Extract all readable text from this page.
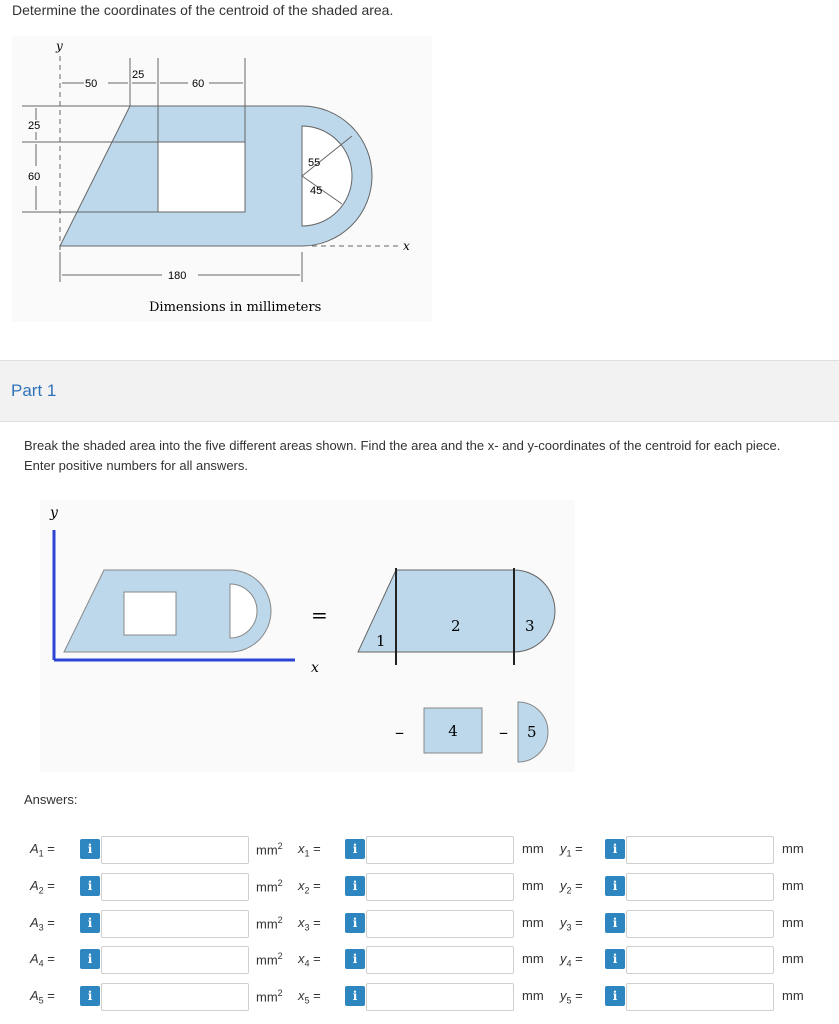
Determine the coordinates of the centroid of the shaded area.
y
x
50
25
60
25
60
55
45
180
Dimensions in millimeters
Part 1
Break the shaded area into the five different areas shown. Find the area and the x- and y-coordinates of the centroid for each piece. Enter positive numbers for all answers.
y
x
=
1
2	3
–	4 – 5
Answers:
$A_1$ =	i	$mm^2$ $x_1$ =	i	mm $y_1$ =	i	mm
$A_2$ =	i	$mm^2$ $x_2$ =	i	mm $y_2$ =	i	mm
$A_3$ =	i	$mm^2$ $x_3$ =	i	mm $y_3$ =	i	mm
$A_4$ =	i	$mm^2$ $x_4$ =	i	mm $y_4$ =	i	mm
$A_5$ =	i	$mm^2$ $x_5$ =	i	mm $y_5$ =	i	mm
